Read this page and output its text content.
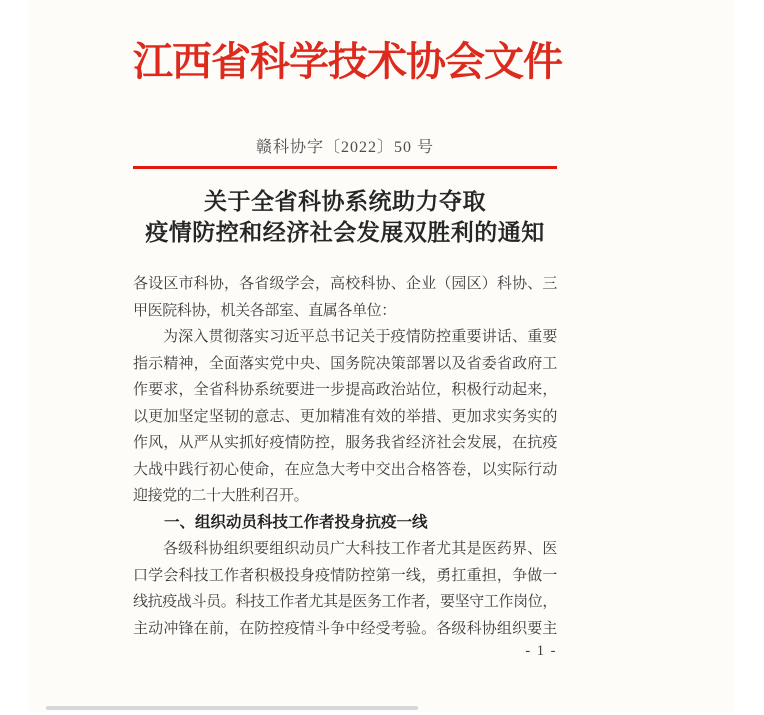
江西省科学技术协会文件
赣科协字〔2022〕50 号
关于全省科协系统助力夺取
疫情防控和经济社会发展双胜利的通知
各设区市科协，各省级学会，高校科协、企业（园区）科协、三
甲医院科协，机关各部室、直属各单位：
为深入贯彻落实习近平总书记关于疫情防控重要讲话、重要
指示精神，全面落实党中央、国务院决策部署以及省委省政府工
作要求，全省科协系统要进一步提高政治站位，积极行动起来，
以更加坚定坚韧的意志、更加精准有效的举措、更加求实务实的
作风，从严从实抓好疫情防控，服务我省经济社会发展，在抗疫
大战中践行初心使命，在应急大考中交出合格答卷，以实际行动
迎接党的二十大胜利召开。
一、组织动员科技工作者投身抗疫一线
各级科协组织要组织动员广大科技工作者尤其是医药界、医
口学会科技工作者积极投身疫情防控第一线，勇扛重担，争做一
线抗疫战斗员。科技工作者尤其是医务工作者，要坚守工作岗位，
主动冲锋在前，在防控疫情斗争中经受考验。各级科协组织要主
- 1 -
